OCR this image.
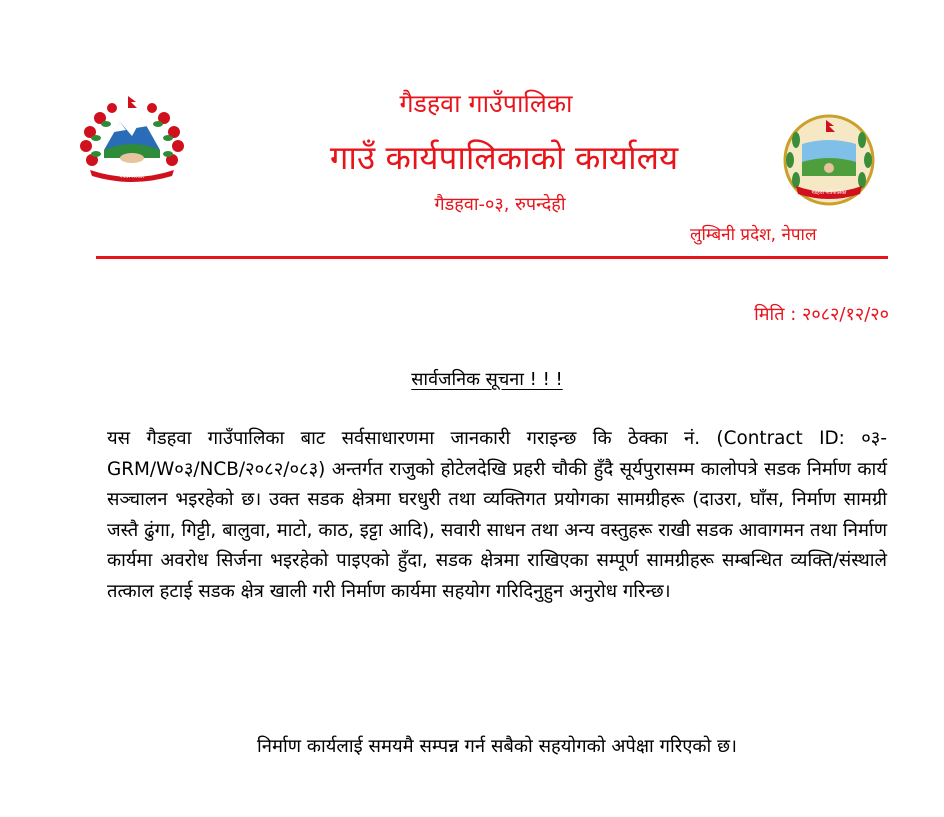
नेपाल सरकार
गैडहवा गाउँपालिका
गैडहवा गाउँपालिका
गाउँ कार्यपालिकाको कार्यालय
गैडहवा-०३, रुपन्देही
लुम्बिनी प्रदेश, नेपाल
मिति : २०८२/१२/२०
सार्वजनिक सूचना ! ! !
यस गैडहवा गाउँपालिका बाट सर्वसाधारणमा जानकारी गराइन्छ कि ठेक्का नं. (Contract ID: ०३-GRM/W०३/NCB/२०८२/०८३) अन्तर्गत राजुको होटेलदेखि प्रहरी चौकी हुँदै सूर्यपुरासम्म कालोपत्रे सडक निर्माण कार्य सञ्चालन भइरहेको छ। उक्त सडक क्षेत्रमा घरधुरी तथा व्यक्तिगत प्रयोगका सामग्रीहरू (दाउरा, घाँस, निर्माण सामग्री जस्तै ढुंगा, गिट्टी, बालुवा, माटो, काठ, इट्टा आदि), सवारी साधन तथा अन्य वस्तुहरू राखी सडक आवागमन तथा निर्माण कार्यमा अवरोध सिर्जना भइरहेको पाइएको हुँदा, सडक क्षेत्रमा राखिएका सम्पूर्ण सामग्रीहरू सम्बन्धित व्यक्ति/संस्थाले तत्काल हटाई सडक क्षेत्र खाली गरी निर्माण कार्यमा सहयोग गरिदिनुहुन अनुरोध गरिन्छ।
निर्माण कार्यलाई समयमै सम्पन्न गर्न सबैको सहयोगको अपेक्षा गरिएको छ।
